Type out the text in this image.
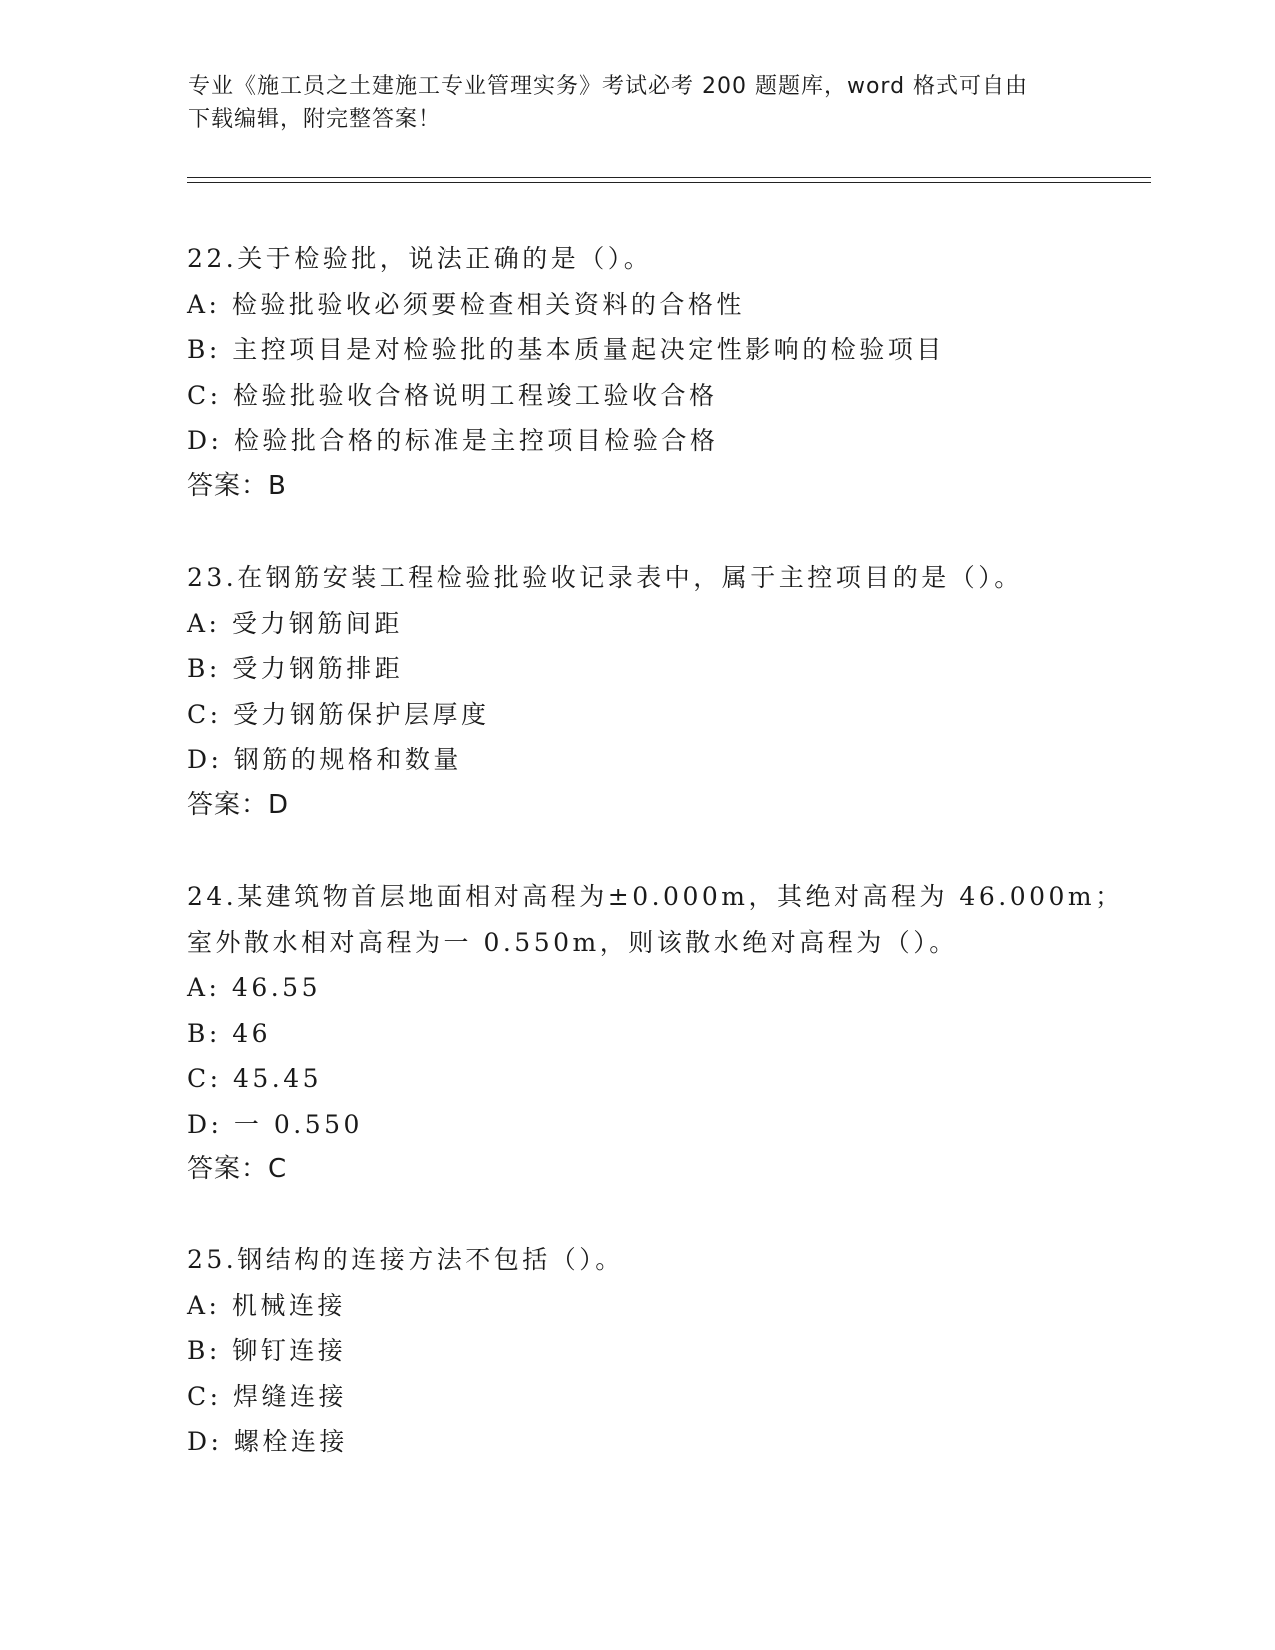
专业《施工员之土建施工专业管理实务》考试必考 200 题题库，word 格式可自由
下载编辑，附完整答案！
22.关于检验批，说法正确的是（）。
A: 检验批验收必须要检查相关资料的合格性
B: 主控项目是对检验批的基本质量起决定性影响的检验项目
C: 检验批验收合格说明工程竣工验收合格
D: 检验批合格的标准是主控项目检验合格
答案：B
23.在钢筋安装工程检验批验收记录表中，属于主控项目的是（）。
A: 受力钢筋间距
B: 受力钢筋排距
C: 受力钢筋保护层厚度
D: 钢筋的规格和数量
答案：D
24.某建筑物首层地面相对高程为±0.000m，其绝对高程为 46.000m；
室外散水相对高程为一 0.550m，则该散水绝对高程为（）。
A: 46.55
B: 46
C: 45.45
D: 一 0.550
答案：C
25.钢结构的连接方法不包括（）。
A: 机械连接
B: 铆钉连接
C: 焊缝连接
D: 螺栓连接
